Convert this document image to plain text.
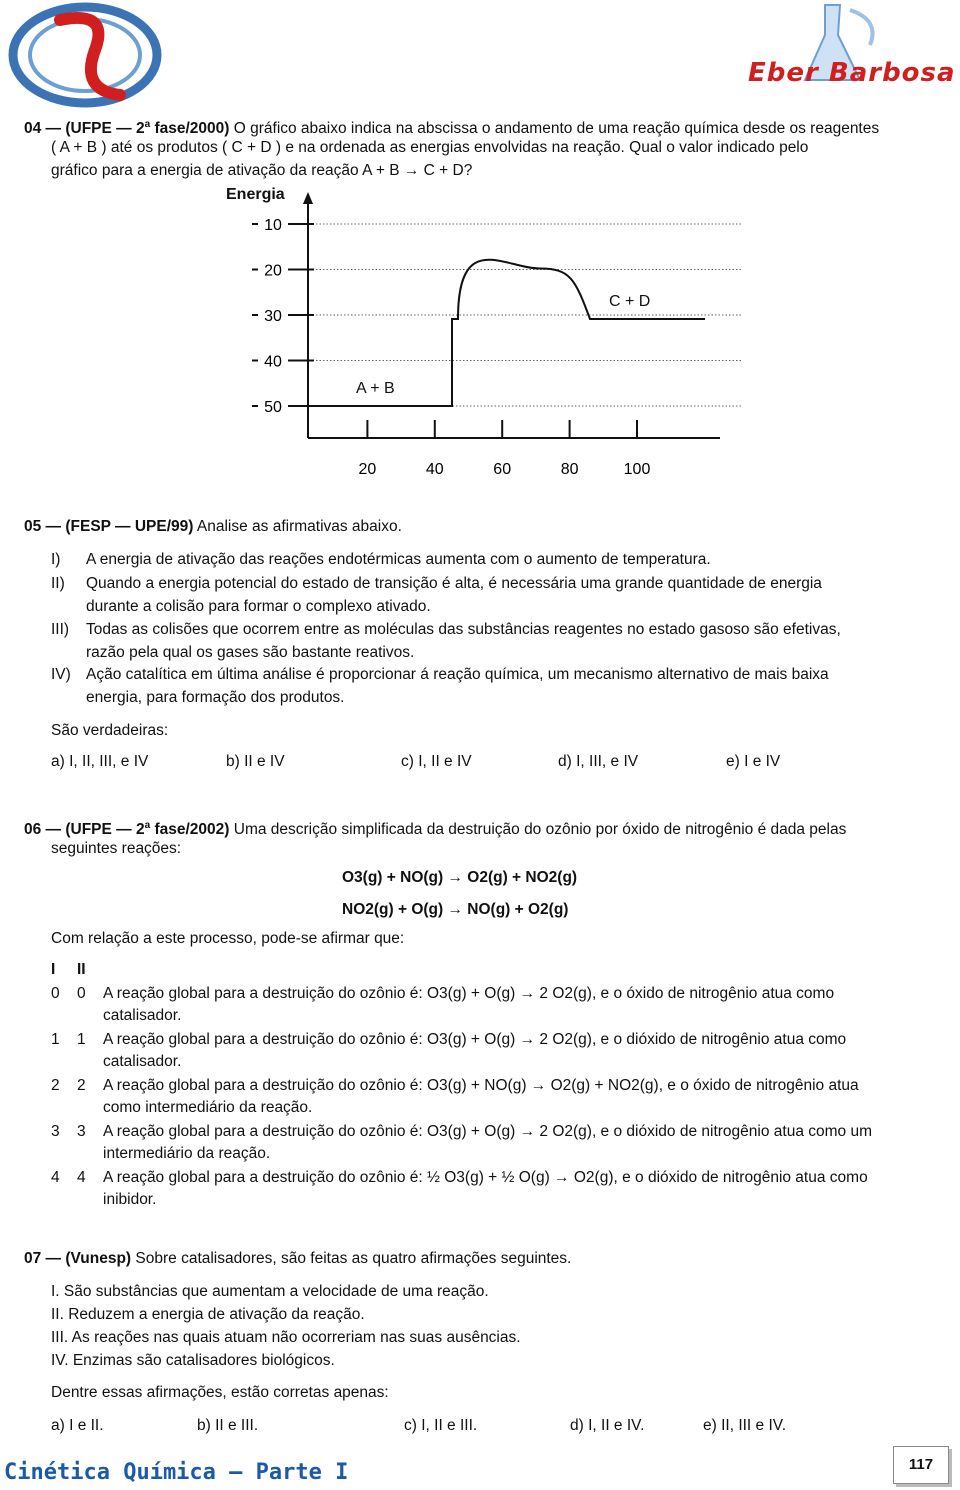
Eber Barbosa
04 — (UFPE — 2$^a$ fase/2000) O gráfico abaixo indica na abscissa o andamento de uma reação química desde os reagentes
( A + B ) até os produtos ( C + D ) e na ordenada as energias envolvidas na reação. Qual o valor indicado pelo
gráfico para a energia de ativação da reação A + B → C + D?
Energia
10
20
30
40
50
20	40	60	80	100
A + B
C + D
05 — (FESP — UPE/99) Analise as afirmativas abaixo.
I)	A energia de ativação das reações endotérmicas aumenta com o aumento de temperatura.
II)	Quando a energia potencial do estado de transição é alta, é necessária uma grande quantidade de energia
durante a colisão para formar o complexo ativado.
III)	Todas as colisões que ocorrem entre as moléculas das substâncias reagentes no estado gasoso são efetivas,
razão pela qual os gases são bastante reativos.
IV) Ação catalítica em última análise é proporcionar á reação química, um mecanismo alternativo de mais baixa
energia, para formação dos produtos.
São verdadeiras:
a) I, II, III, e IV	b) II e IV	c) I, II e IV	d) I, III, e IV	e) I e IV
06 — (UFPE — 2$^a$ fase/2002) Uma descrição simplificada da destruição do ozônio por óxido de nitrogênio é dada pelas
seguintes reações:
O3(g) + NO(g) → O2(g) + NO2(g)
NO2(g) + O(g) → NO(g) + O2(g)
Com relação a este processo, pode-se afirmar que:
I II
0 0 A reação global para a destruição do ozônio é: O3(g) + O(g) → 2 O2(g), e o óxido de nitrogênio atua como
catalisador.
1 1 A reação global para a destruição do ozônio é: O3(g) + O(g) → 2 O2(g), e o dióxido de nitrogênio atua como
catalisador.
2 2 A reação global para a destruição do ozônio é: O3(g) + NO(g) → O2(g) + NO2(g), e o óxido de nitrogênio atua
como intermediário da reação.
3 3 A reação global para a destruição do ozônio é: O3(g) + O(g) → 2 O2(g), e o dióxido de nitrogênio atua como um
intermediário da reação.
4 4 A reação global para a destruição do ozônio é: ½ O3(g) + ½ O(g) → O2(g), e o dióxido de nitrogênio atua como
inibidor.
07 — (Vunesp) Sobre catalisadores, são feitas as quatro afirmações seguintes.
I. São substâncias que aumentam a velocidade de uma reação.
II. Reduzem a energia de ativação da reação.
III. As reações nas quais atuam não ocorreriam nas suas ausências.
IV. Enzimas são catalisadores biológicos.
Dentre essas afirmações, estão corretas apenas:
a) I e II.	b) II e III.	c) I, II e III.	d) I, II e IV.	e) II, III e IV.
Cinética Química — Parte I	117
